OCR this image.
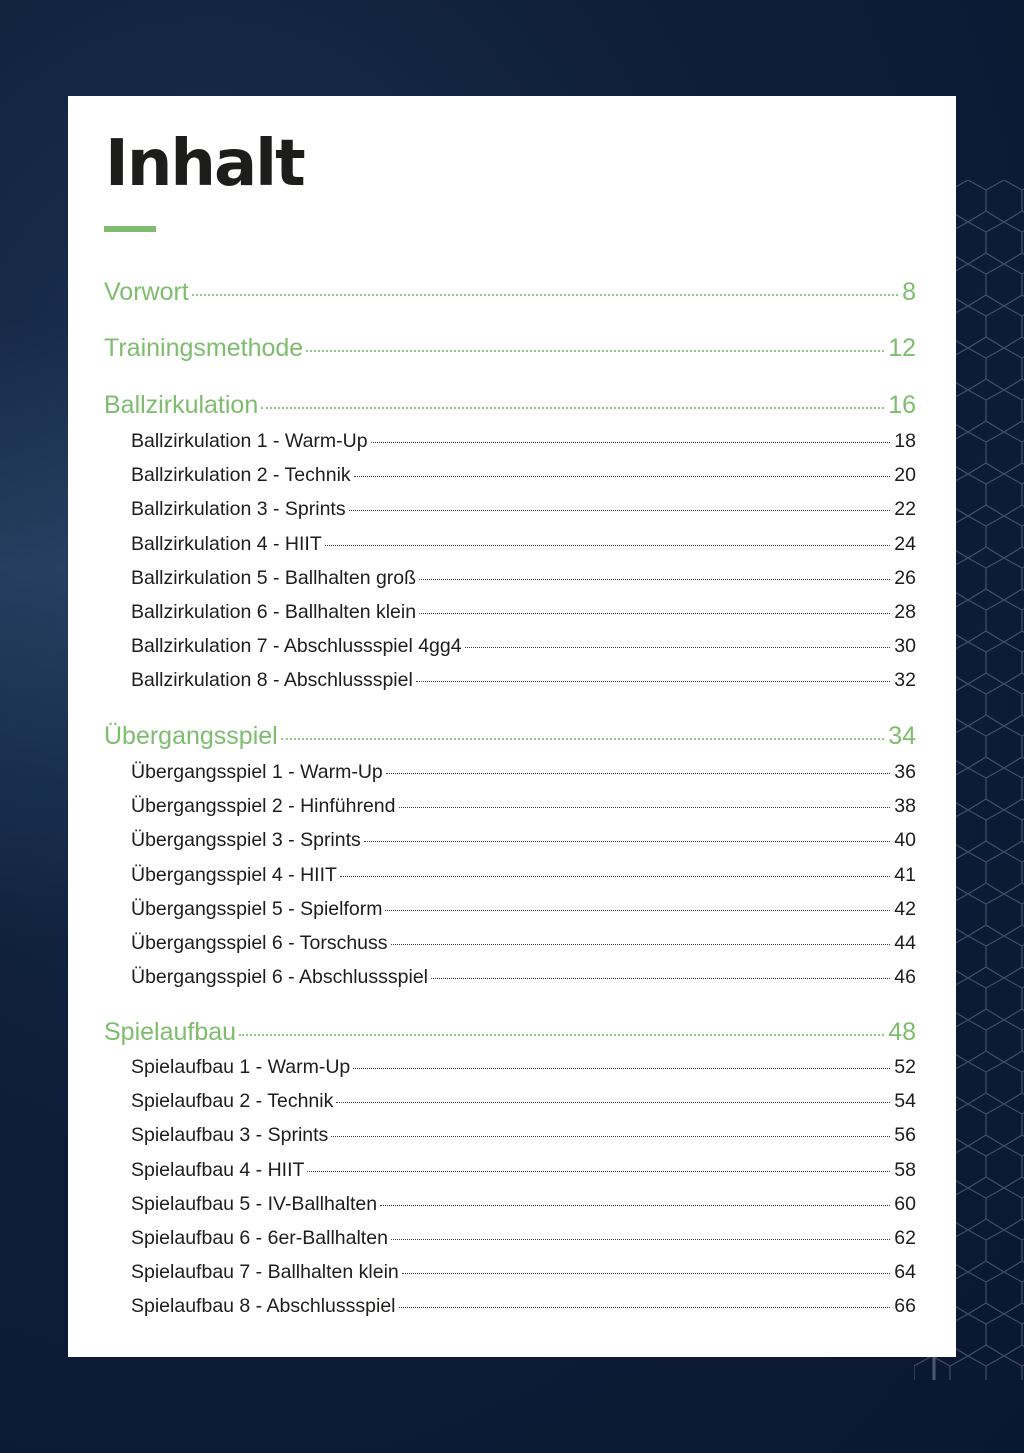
Inhalt
Vorwort	8
Trainingsmethode	12
Ballzirkulation	16
Ballzirkulation 1 - Warm-Up	18
Ballzirkulation 2 - Technik	20
Ballzirkulation 3 - Sprints	22
Ballzirkulation 4 - HIIT	24
Ballzirkulation 5 - Ballhalten groß	26
Ballzirkulation 6 - Ballhalten klein	28
Ballzirkulation 7 - Abschlussspiel 4gg4	30
Ballzirkulation 8 - Abschlussspiel	32
Übergangsspiel	34
Übergangsspiel 1 - Warm-Up	36
Übergangsspiel 2 - Hinführend	38
Übergangsspiel 3 - Sprints	40
Übergangsspiel 4 - HIIT	41
Übergangsspiel 5 - Spielform	42
Übergangsspiel 6 - Torschuss	44
Übergangsspiel 6 - Abschlussspiel	46
Spielaufbau	48
Spielaufbau 1 - Warm-Up	52
Spielaufbau 2 - Technik	54
Spielaufbau 3 - Sprints	56
Spielaufbau 4 - HIIT	58
Spielaufbau 5 - IV-Ballhalten	60
Spielaufbau 6 - 6er-Ballhalten	62
Spielaufbau 7 - Ballhalten klein	64
Spielaufbau 8 - Abschlussspiel	66
